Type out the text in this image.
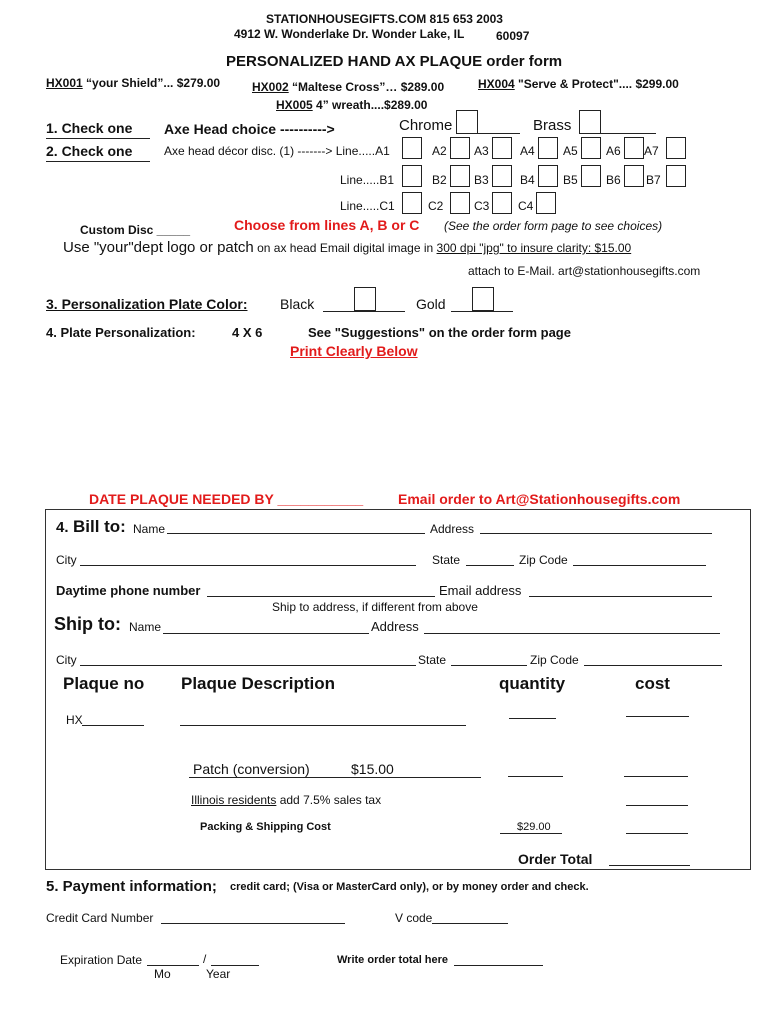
STATIONHOUSEGIFTS.COM 815 653 2003
4912 W. Wonderlake Dr. Wonder Lake, IL	60097
PERSONALIZED HAND AX PLAQUE order form
HX001 “your Shield”... $279.00	HX002 “Maltese Cross”… $289.00	HX004 "Serve & Protect".... $299.00
HX005 4” wreath....$289.00
1. Check one
2. Check one
Axe Head choice ---------->	Chrome	Brass
Axe head décor disc. (1) -------> Line.....A1	A2 A3	A4 A5 A6 A7
Line.....B1	B2 B3	B4 B5 B6 B7
Line.....C1	C2	C3 C4
Custom Disc _____	Choose from lines A, B or C (See the order form page to see choices)
Use "your"dept logo or patch on ax head Email digital image in 300 dpi "jpg" to insure clarity: $15.00
attach to E-Mail. art@stationhousegifts.com
3. Personalization Plate Color: Black	Gold
4. Plate Personalization:	4 X 6	See "Suggestions" on the order form page
Print Clearly Below
DATE PLAQUE NEEDED BY ___________ Email order to Art@Stationhousegifts.com
4. Bill to: Name	Address
City	State	Zip Code
Daytime phone number	Email address
Ship to address, if different from above
Ship to: Name	Address
City	State	Zip Code
Plaque no Plaque Description	quantity	cost
HX
Patch (conversion)	$15.00
Illinois residents add 7.5% sales tax
Packing & Shipping Cost	$29.00
Order Total
5. Payment information; credit card; (Visa or MasterCard only), or by money order and check.
Credit Card Number	V code
Expiration Date	/
Mo	Year
Write order total here
